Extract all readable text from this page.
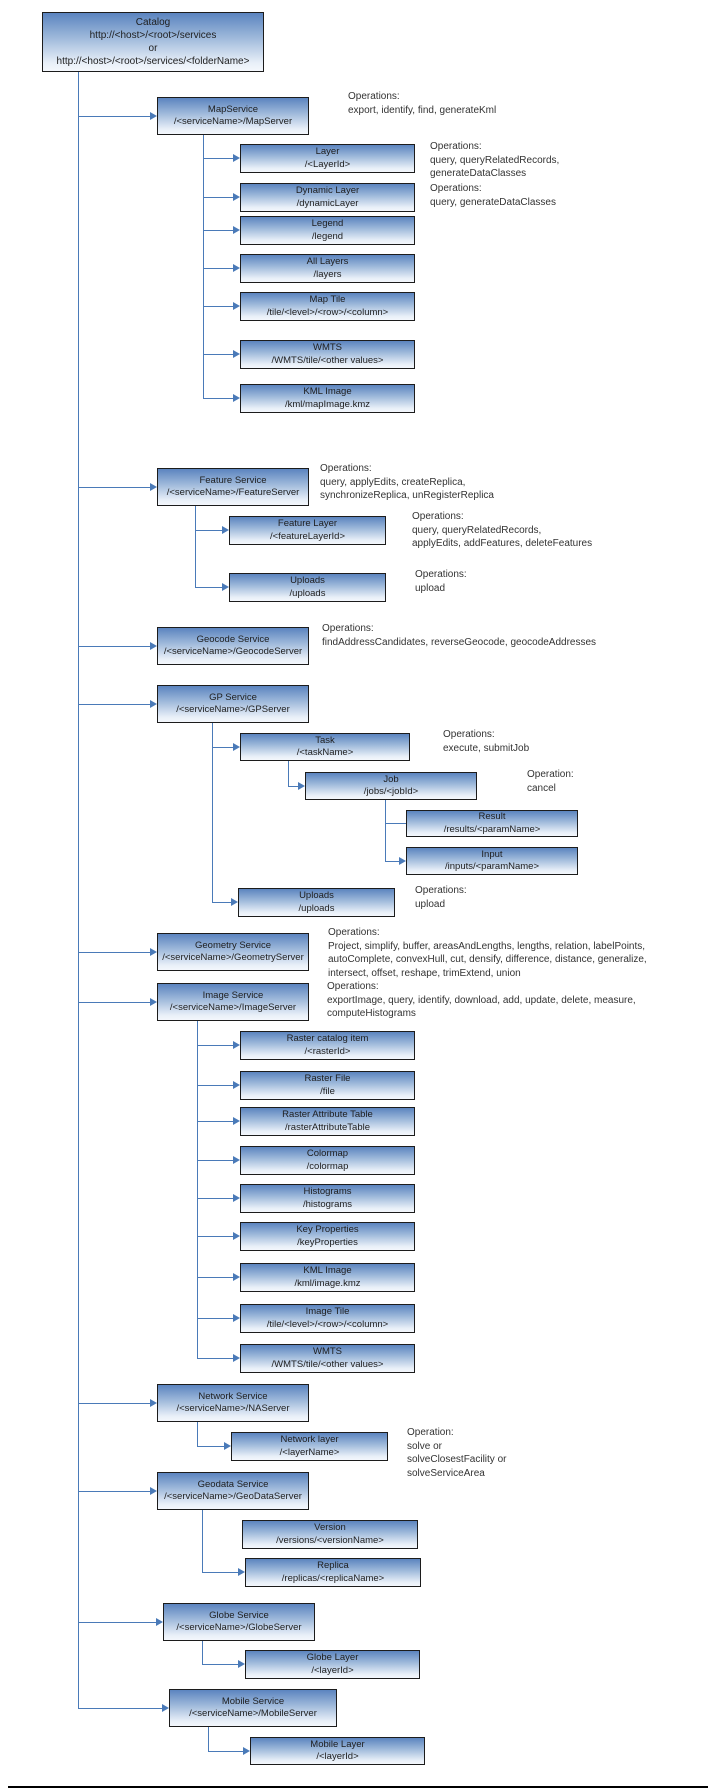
Catalog
http://<host>/<root>/services
or
http://<host>/<root>/services/<folderName>
MapService
/<serviceName>/MapServer
Layer
/<LayerId>
Dynamic Layer
/dynamicLayer
Legend
/legend
All Layers
/layers
Map Tile
/tile/<level>/<row>/<column>
WMTS
/WMTS/tile/<other values>
KML Image
/kml/mapImage.kmz
Feature Service
/<serviceName>/FeatureServer
Feature Layer
/<featureLayerId>
Uploads
/uploads
Geocode Service
/<serviceName>/GeocodeServer
GP Service
/<serviceName>/GPServer
Task
/<taskName>
Job
/jobs/<jobId>
Result
/results/<paramName>
Input
/inputs/<paramName>
Uploads
/uploads
Geometry Service
/<serviceName>/GeometryServer
Image Service
/<serviceName>/ImageServer
Raster catalog item
/<rasterId>
Raster File
/file
Raster Attribute Table
/rasterAttributeTable
Colormap
/colormap
Histograms
/histograms
Key Properties
/keyProperties
KML Image
/kml/image.kmz
Image Tile
/tile/<level>/<row>/<column>
WMTS
/WMTS/tile/<other values>
Network Service
/<serviceName>/NAServer
Network layer
/<layerName>
Geodata Service
/<serviceName>/GeoDataServer
Version
/versions/<versionName>
Replica
/replicas/<replicaName>
Globe Service
/<serviceName>/GlobeServer
Globe Layer
/<layerId>
Mobile Service
/<serviceName>/MobileServer
Mobile Layer
/<layerId>
Operations:
export, identify, find, generateKml
Operations:
query, queryRelatedRecords,
generateDataClasses
Operations:
query, generateDataClasses
Operations:
query, applyEdits, createReplica,
synchronizeReplica, unRegisterReplica
Operations:
query, queryRelatedRecords,
applyEdits, addFeatures, deleteFeatures
Operations:
upload
Operations:
findAddressCandidates, reverseGeocode, geocodeAddresses
Operations:
execute, submitJob
Operation:
cancel
Operations:
upload
Operations:
Project, simplify, buffer, areasAndLengths, lengths, relation, labelPoints,
autoComplete, convexHull, cut, densify, difference, distance, generalize,
intersect, offset, reshape, trimExtend, union
Operations:
exportImage, query, identify, download, add, update, delete, measure,
computeHistograms
Operation:
solve or
solveClosestFacility or
solveServiceArea
